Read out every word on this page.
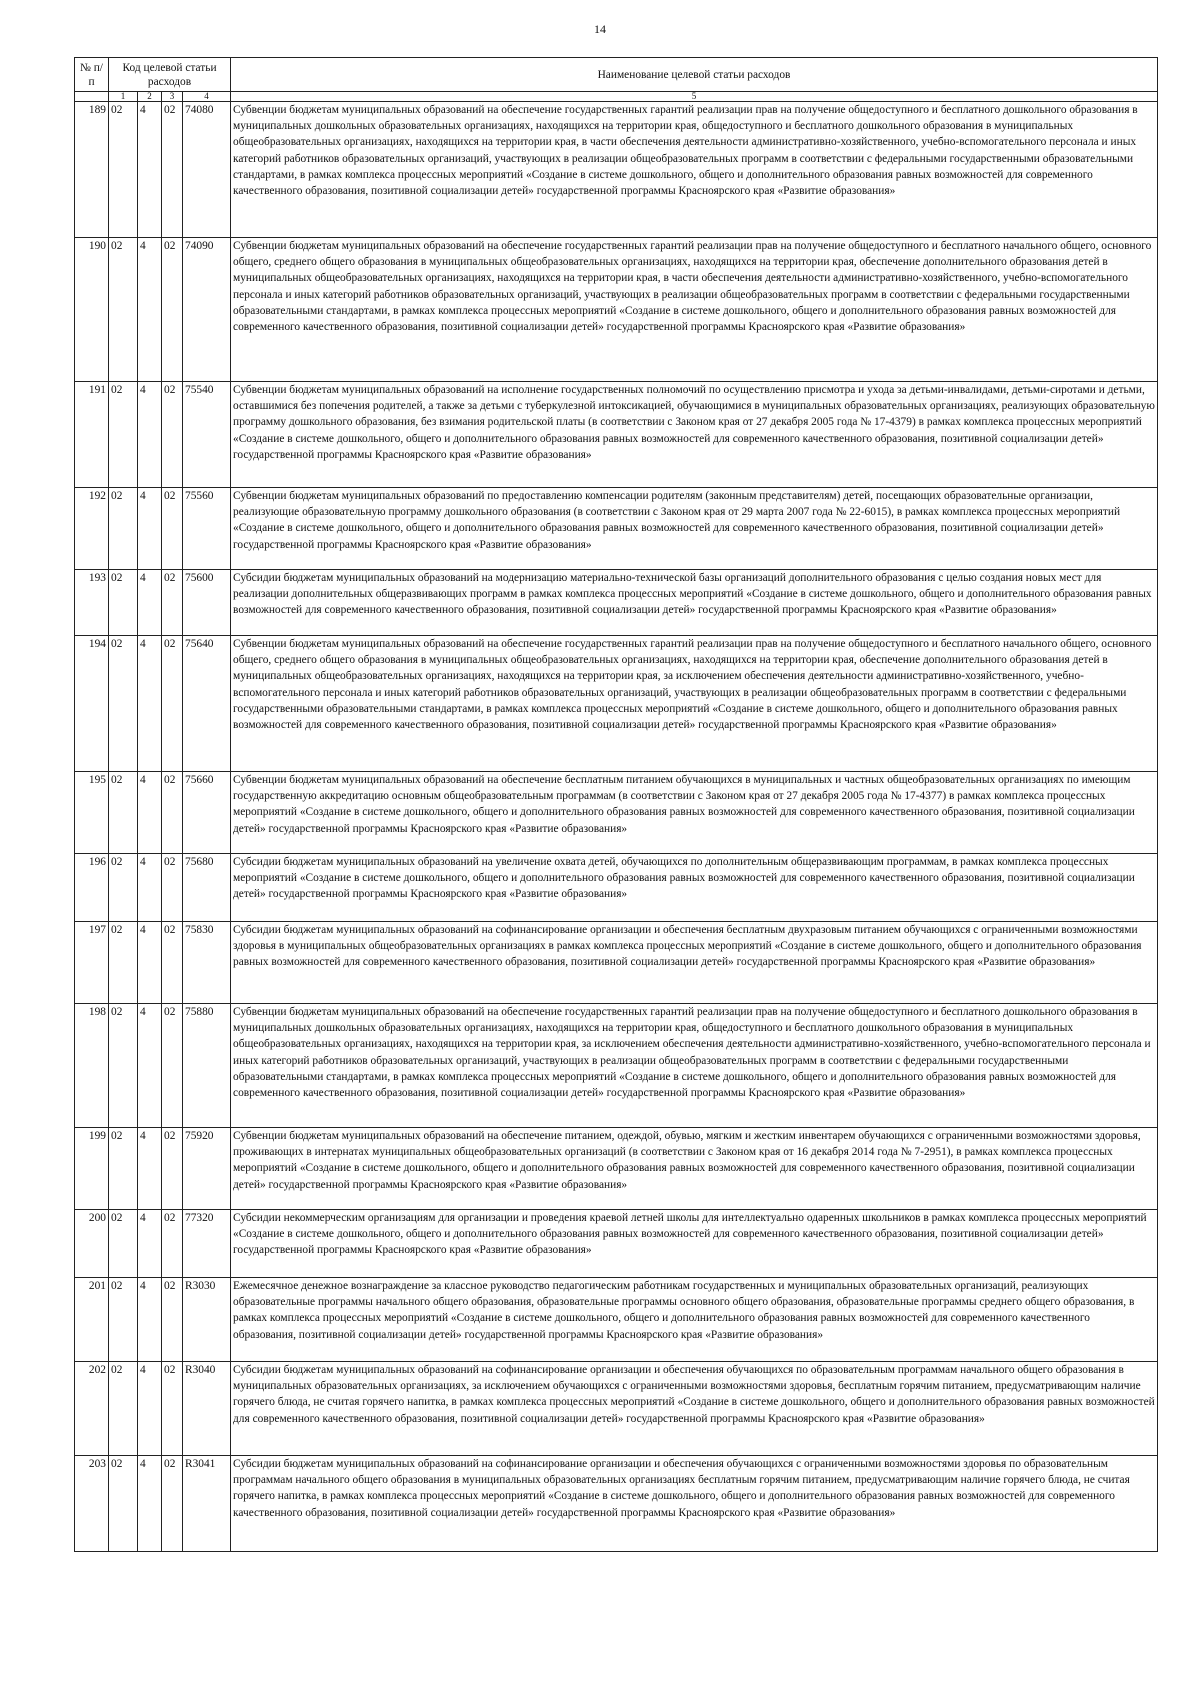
14
№ п/п	Код целевой статьи расходов				Наименование целевой статьи расходов

	1	2	3	4	5
189	02	4	02	74080	Субвенции бюджетам муниципальных образований на обеспечение государственных гарантий реализации прав на получение общедоступного и бесплатного дошкольного образования в муниципальных дошкольных образовательных организациях, находящихся на территории края, общедоступного и бесплатного дошкольного образования в муниципальных общеобразовательных организациях, находящихся на территории края, в части обеспечения деятельности административно-хозяйственного, учебно-вспомогательного персонала и иных категорий работников образовательных организаций, участвующих в реализации общеобразовательных программ в соответствии с федеральными государственными образовательными стандартами, в рамках комплекса процессных мероприятий «Создание в системе дошкольного, общего и дополнительного образования равных возможностей для современного качественного образования, позитивной социализации детей» государственной программы Красноярского края «Развитие образования»
190	02	4	02	74090	Субвенции бюджетам муниципальных образований на обеспечение государственных гарантий реализации прав на получение общедоступного и бесплатного начального общего, основного общего, среднего общего образования в муниципальных общеобразовательных организациях, находящихся на территории края, обеспечение дополнительного образования детей в муниципальных общеобразовательных организациях, находящихся на территории края, в части обеспечения деятельности административно-хозяйственного, учебно-вспомогательного персонала и иных категорий работников образовательных организаций, участвующих в реализации общеобразовательных программ в соответствии с федеральными государственными образовательными стандартами, в рамках комплекса процессных мероприятий «Создание в системе дошкольного, общего и дополнительного образования равных возможностей для современного качественного образования, позитивной социализации детей» государственной программы Красноярского края «Развитие образования»
191	02	4	02	75540	Субвенции бюджетам муниципальных образований на исполнение государственных полномочий по осуществлению присмотра и ухода за детьми-инвалидами, детьми-сиротами и детьми, оставшимися без попечения родителей, а также за детьми с туберкулезной интоксикацией, обучающимися в муниципальных образовательных организациях, реализующих образовательную программу дошкольного образования, без взимания родительской платы (в соответствии с Законом края от 27 декабря 2005 года № 17-4379) в рамках комплекса процессных мероприятий «Создание в системе дошкольного, общего и дополнительного образования равных возможностей для современного качественного образования, позитивной социализации детей» государственной программы Красноярского края «Развитие образования»
192	02	4	02	75560	Субвенции бюджетам муниципальных образований по предоставлению компенсации родителям (законным представителям) детей, посещающих образовательные организации, реализующие образовательную программу дошкольного образования (в соответствии с Законом края от 29 марта 2007 года № 22-6015), в рамках комплекса процессных мероприятий «Создание в системе дошкольного, общего и дополнительного образования равных возможностей для современного качественного образования, позитивной социализации детей» государственной программы Красноярского края «Развитие образования»
193	02	4	02	75600	Субсидии бюджетам муниципальных образований на модернизацию материально-технической базы организаций дополнительного образования с целью создания новых мест для реализации дополнительных общеразвивающих программ в рамках комплекса процессных мероприятий «Создание в системе дошкольного, общего и дополнительного образования равных возможностей для современного качественного образования, позитивной социализации детей» государственной программы Красноярского края «Развитие образования»
194	02	4	02	75640	Субвенции бюджетам муниципальных образований на обеспечение государственных гарантий реализации прав на получение общедоступного и бесплатного начального общего, основного общего, среднего общего образования в муниципальных общеобразовательных организациях, находящихся на территории края, обеспечение дополнительного образования детей в муниципальных общеобразовательных организациях, находящихся на территории края, за исключением обеспечения деятельности административно-хозяйственного, учебно-вспомогательного персонала и иных категорий работников образовательных организаций, участвующих в реализации общеобразовательных программ в соответствии с федеральными государственными образовательными стандартами, в рамках комплекса процессных мероприятий «Создание в системе дошкольного, общего и дополнительного образования равных возможностей для современного качественного образования, позитивной социализации детей» государственной программы Красноярского края «Развитие образования»
195	02	4	02	75660	Субвенции бюджетам муниципальных образований на обеспечение бесплатным питанием обучающихся в муниципальных и частных общеобразовательных организациях по имеющим государственную аккредитацию основным общеобразовательным программам (в соответствии с Законом края от 27 декабря 2005 года № 17-4377) в рамках комплекса процессных мероприятий «Создание в системе дошкольного, общего и дополнительного образования равных возможностей для современного качественного образования, позитивной социализации детей» государственной программы Красноярского края «Развитие образования»
196	02	4	02	75680	Субсидии бюджетам муниципальных образований на увеличение охвата детей, обучающихся по дополнительным общеразвивающим программам, в рамках комплекса процессных мероприятий «Создание в системе дошкольного, общего и дополнительного образования равных возможностей для современного качественного образования, позитивной социализации детей» государственной программы Красноярского края «Развитие образования»
197	02	4	02	75830	Субсидии бюджетам муниципальных образований на софинансирование организации и обеспечения бесплатным двухразовым питанием обучающихся с ограниченными возможностями здоровья в муниципальных общеобразовательных организациях в рамках комплекса процессных мероприятий «Создание в системе дошкольного, общего и дополнительного образования равных возможностей для современного качественного образования, позитивной социализации детей» государственной программы Красноярского края «Развитие образования»
198	02	4	02	75880	Субвенции бюджетам муниципальных образований на обеспечение государственных гарантий реализации прав на получение общедоступного и бесплатного дошкольного образования в муниципальных дошкольных образовательных организациях, находящихся на территории края, общедоступного и бесплатного дошкольного образования в муниципальных общеобразовательных организациях, находящихся на территории края, за исключением обеспечения деятельности административно-хозяйственного, учебно-вспомогательного персонала и иных категорий работников образовательных организаций, участвующих в реализации общеобразовательных программ в соответствии с федеральными государственными образовательными стандартами, в рамках комплекса процессных мероприятий «Создание в системе дошкольного, общего и дополнительного образования равных возможностей для современного качественного образования, позитивной социализации детей» государственной программы Красноярского края «Развитие образования»
199	02	4	02	75920	Субвенции бюджетам муниципальных образований на обеспечение питанием, одеждой, обувью, мягким и жестким инвентарем обучающихся с ограниченными возможностями здоровья, проживающих в интернатах муниципальных общеобразовательных организаций (в соответствии с Законом края от 16 декабря 2014 года № 7-2951), в рамках комплекса процессных мероприятий «Создание в системе дошкольного, общего и дополнительного образования равных возможностей для современного качественного образования, позитивной социализации детей» государственной программы Красноярского края «Развитие образования»
200	02	4	02	77320	Субсидии некоммерческим организациям для организации и проведения краевой летней школы для интеллектуально одаренных школьников в рамках комплекса процессных мероприятий «Создание в системе дошкольного, общего и дополнительного образования равных возможностей для современного качественного образования, позитивной социализации детей» государственной программы Красноярского края «Развитие образования»
201	02	4	02	R3030	Ежемесячное денежное вознаграждение за классное руководство педагогическим работникам государственных и муниципальных образовательных организаций, реализующих образовательные программы начального общего образования, образовательные программы основного общего образования, образовательные программы среднего общего образования, в рамках комплекса процессных мероприятий «Создание в системе дошкольного, общего и дополнительного образования равных возможностей для современного качественного образования, позитивной социализации детей» государственной программы Красноярского края «Развитие образования»
202	02	4	02	R3040	Субсидии бюджетам муниципальных образований на софинансирование организации и обеспечения обучающихся по образовательным программам начального общего образования в муниципальных образовательных организациях, за исключением обучающихся с ограниченными возможностями здоровья, бесплатным горячим питанием, предусматривающим наличие горячего блюда, не считая горячего напитка, в рамках комплекса процессных мероприятий «Создание в системе дошкольного, общего и дополнительного образования равных возможностей для современного качественного образования, позитивной социализации детей» государственной программы Красноярского края «Развитие образования»
203	02	4	02	R3041	Субсидии бюджетам муниципальных образований на софинансирование организации и обеспечения обучающихся с ограниченными возможностями здоровья по образовательным программам начального общего образования в муниципальных образовательных организациях бесплатным горячим питанием, предусматривающим наличие горячего блюда, не считая горячего напитка, в рамках комплекса процессных мероприятий «Создание в системе дошкольного, общего и дополнительного образования равных возможностей для современного качественного образования, позитивной социализации детей» государственной программы Красноярского края «Развитие образования»
